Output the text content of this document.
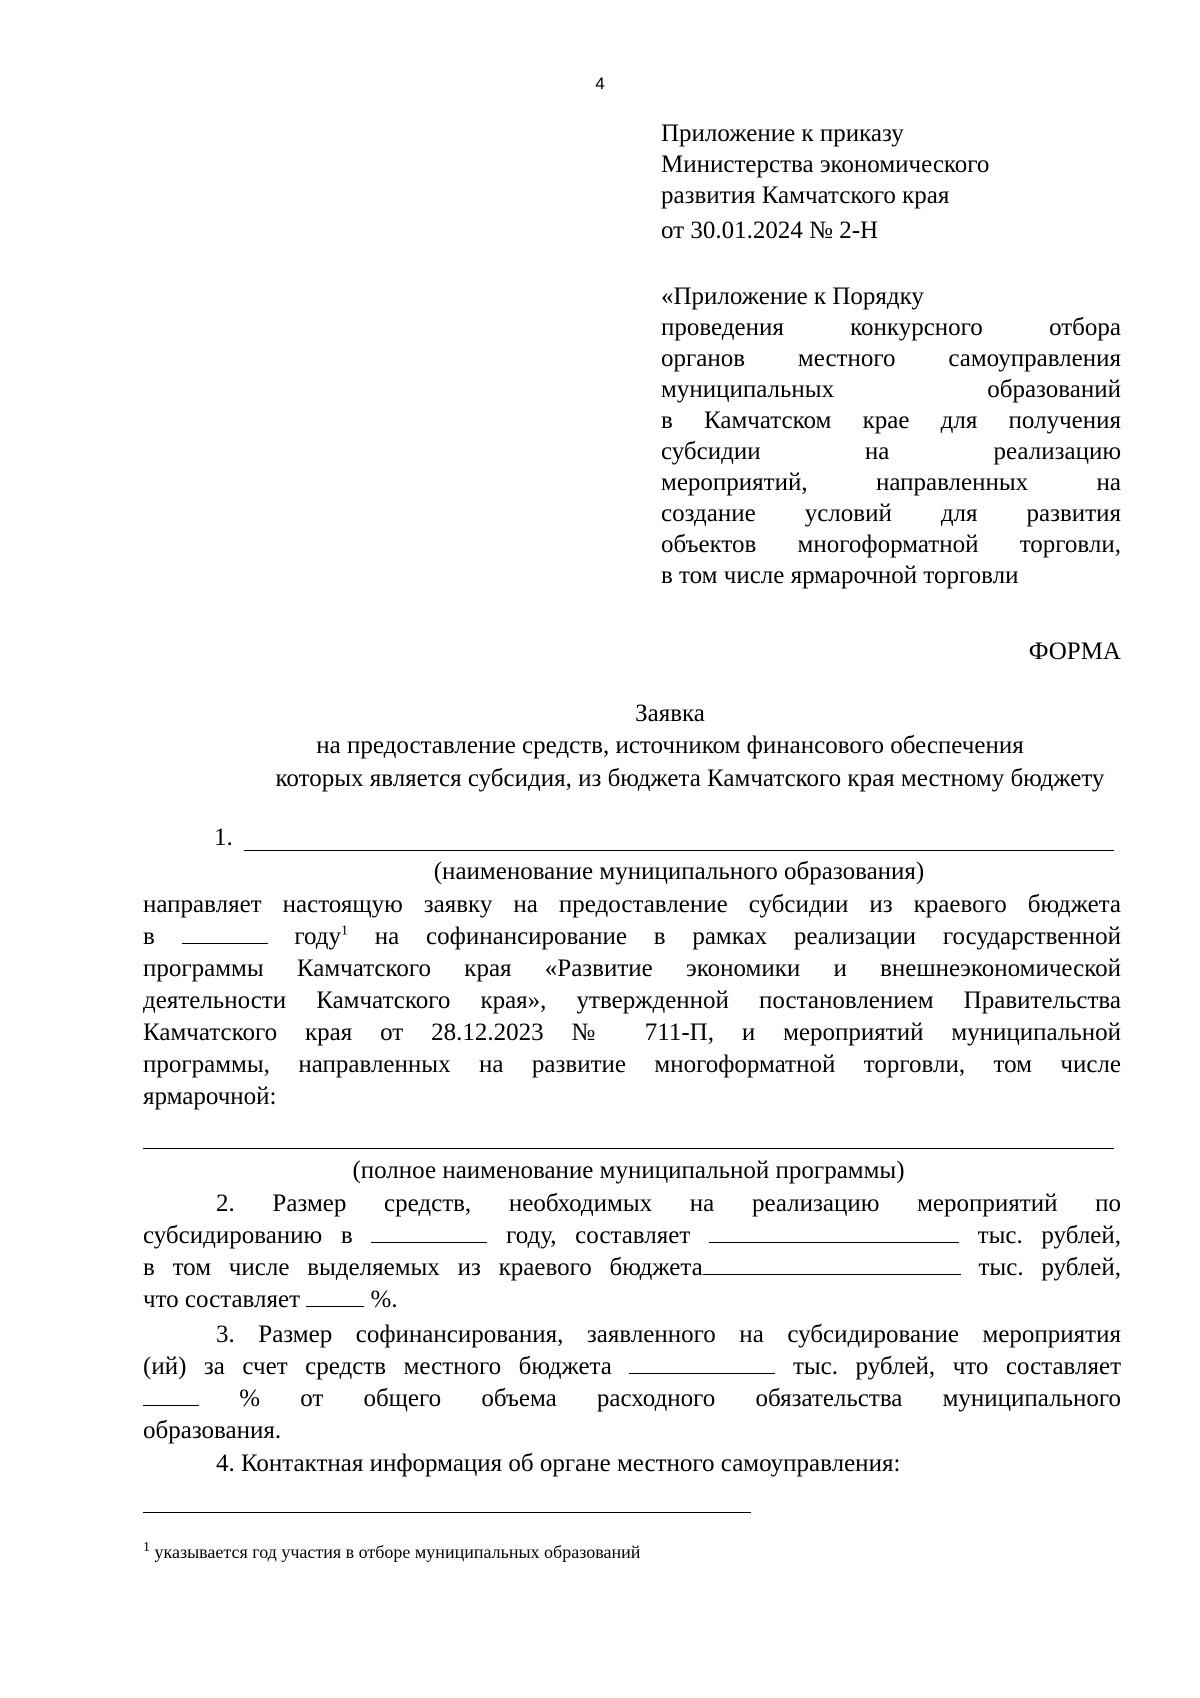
4
Приложение к приказу
Министерства экономического
развития Камчатского края
от 30.01.2024 № 2-Н
«Приложение к Порядку
проведения конкурсного отбора
органов местного самоуправления
муниципальных образований
в Камчатском крае для получения
субсидии на реализацию
мероприятий, направленных на
создание условий для развития
объектов многоформатной торговли,
в том числе ярмарочной торговли
ФОРМА
Заявка
на предоставление средств, источником финансового обеспечения
которых является субсидия, из бюджета Камчатского края местному бюджету
1.
(наименование муниципального образования)
направляет настоящую заявку на предоставление субсидии из краевого бюджета
в	году$^1$ на софинансирование в рамках реализации государственной
программы Камчатского края «Развитие экономики и внешнеэкономической
деятельности Камчатского края», утвержденной постановлением Правительства
Камчатского края от 28.12.2023 № 711-П, и мероприятий муниципальной
программы, направленных на развитие многоформатной торговли, том числе
ярмарочной:
(полное наименование муниципальной программы)
2. Размер средств, необходимых на реализацию мероприятий по
субсидированию в	году, составляет	тыс. рублей,
в том числе выделяемых из краевого бюджета	тыс. рублей,
что составляет	%.
3. Размер софинансирования, заявленного на субсидирование мероприятия
(ий) за счет средств местного бюджета	тыс. рублей, что составляет
% от общего объема расходного обязательства муниципального
образования.
4. Контактная информация об органе местного самоуправления:
$^1$ указывается год участия в отборе муниципальных образований
